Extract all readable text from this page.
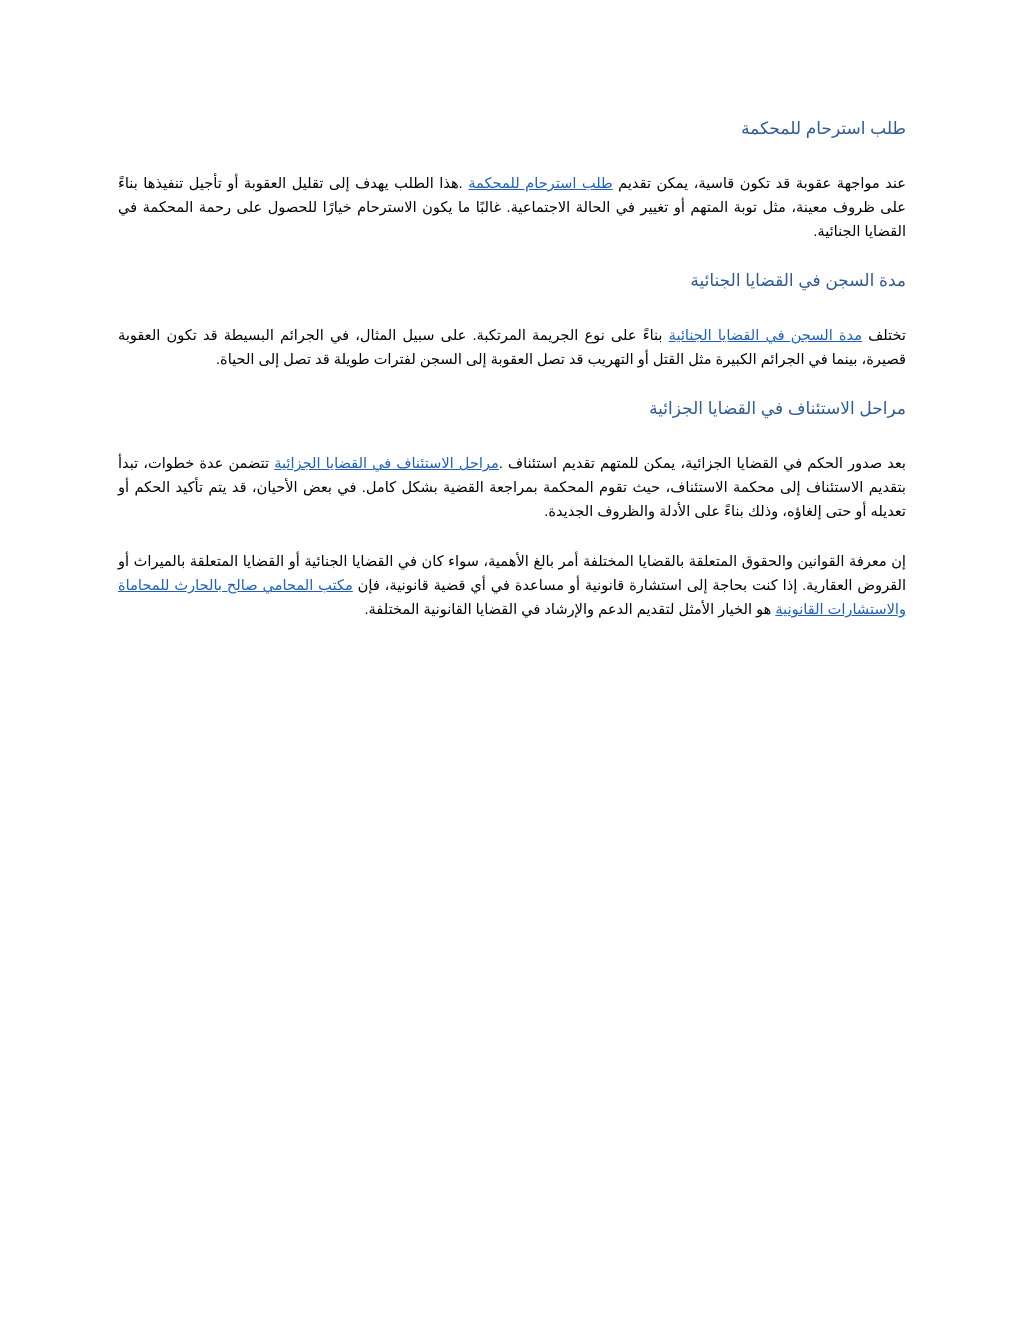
طلب استرحام للمحكمة

عند مواجهة عقوبة قد تكون قاسية، يمكن تقديم طلب استرحام للمحكمة .هذا الطلب يهدف إلى تقليل العقوبة أو تأجيل تنفيذها بناءً على ظروف معينة، مثل توبة المتهم أو تغيير في الحالة الاجتماعية. غالبًا ما يكون الاسترحام خيارًا للحصول على رحمة المحكمة في القضايا الجنائية.

مدة السجن في القضايا الجنائية

تختلف مدة السجن في القضايا الجنائية بناءً على نوع الجريمة المرتكبة. على سبيل المثال، في الجرائم البسيطة قد تكون العقوبة قصيرة، بينما في الجرائم الكبيرة مثل القتل أو التهريب قد تصل العقوبة إلى السجن لفترات طويلة قد تصل إلى الحياة.

مراحل الاستئناف في القضايا الجزائية

بعد صدور الحكم في القضايا الجزائية، يمكن للمتهم تقديم استئناف .مراحل الاستئناف في القضايا الجزائية تتضمن عدة خطوات، تبدأ بتقديم الاستئناف إلى محكمة الاستئناف، حيث تقوم المحكمة بمراجعة القضية بشكل كامل. في بعض الأحيان، قد يتم تأكيد الحكم أو تعديله أو حتى إلغاؤه، وذلك بناءً على الأدلة والظروف الجديدة.

إن معرفة القوانين والحقوق المتعلقة بالقضايا المختلفة أمر بالغ الأهمية، سواء كان في القضايا الجنائية أو القضايا المتعلقة بالميراث أو القروض العقارية. إذا كنت بحاجة إلى استشارة قانونية أو مساعدة في أي قضية قانونية، فإن مكتب المحامي صالح بالحارث للمحاماة والاستشارات القانونية هو الخيار الأمثل لتقديم الدعم والإرشاد في القضايا القانونية المختلفة.
